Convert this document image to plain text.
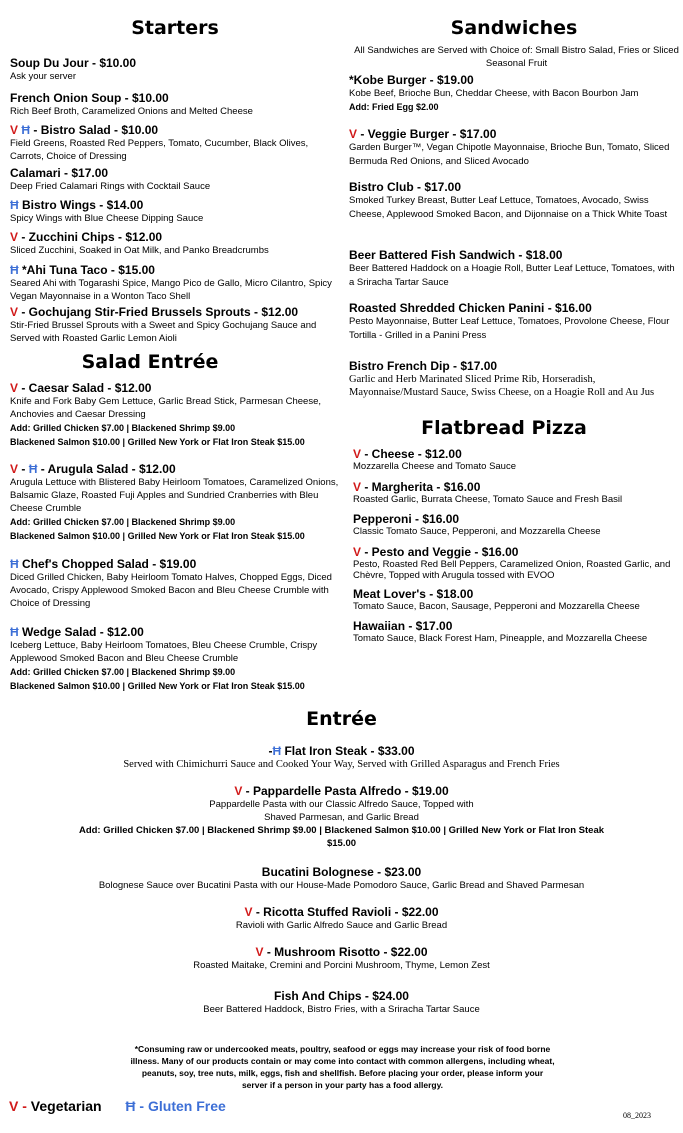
Starters
Soup Du Jour - $10.00
Ask your server
French Onion Soup - $10.00
Rich Beef Broth, Caramelized Onions and Melted Cheese
V Ħ - Bistro Salad - $10.00
Field Greens, Roasted Red Peppers, Tomato, Cucumber, Black Olives, Carrots, Choice of Dressing
Calamari - $17.00
Deep Fried Calamari Rings with Cocktail Sauce
Ħ Bistro Wings - $14.00
Spicy Wings with Blue Cheese Dipping Sauce
V - Zucchini Chips - $12.00
Sliced Zucchini, Soaked in Oat Milk, and Panko Breadcrumbs
Ħ *Ahi Tuna Taco - $15.00
Seared Ahi with Togarashi Spice, Mango Pico de Gallo, Micro Cilantro, Spicy Vegan Mayonnaise in a Wonton Taco Shell
V - Gochujang Stir-Fried Brussels Sprouts - $12.00
Stir-Fried Brussel Sprouts with a Sweet and Spicy Gochujang Sauce and Served with Roasted Garlic Lemon Aioli
Salad Entrée
V - Caesar Salad - $12.00
Knife and Fork Baby Gem Lettuce, Garlic Bread Stick, Parmesan Cheese, Anchovies and Caesar Dressing
Add: Grilled Chicken $7.00 | Blackened Shrimp $9.00
Blackened Salmon $10.00 | Grilled New York or Flat Iron Steak $15.00
V - Ħ - Arugula Salad - $12.00
Arugula Lettuce with Blistered Baby Heirloom Tomatoes, Caramelized Onions, Balsamic Glaze, Roasted Fuji Apples and Sundried Cranberries with Bleu Cheese Crumble
Add: Grilled Chicken $7.00 | Blackened Shrimp $9.00
Blackened Salmon $10.00 | Grilled New York or Flat Iron Steak $15.00
Ħ Chef's Chopped Salad - $19.00
Diced Grilled Chicken, Baby Heirloom Tomato Halves, Chopped Eggs, Diced Avocado, Crispy Applewood Smoked Bacon and Bleu Cheese Crumble with Choice of Dressing
Ħ Wedge Salad - $12.00
Iceberg Lettuce, Baby Heirloom Tomatoes, Bleu Cheese Crumble, Crispy Applewood Smoked Bacon and Bleu Cheese Crumble
Add: Grilled Chicken $7.00 | Blackened Shrimp $9.00
Blackened Salmon $10.00 | Grilled New York or Flat Iron Steak $15.00
Sandwiches
All Sandwiches are Served with Choice of: Small Bistro Salad, Fries or Sliced Seasonal Fruit
*Kobe Burger - $19.00
Kobe Beef, Brioche Bun, Cheddar Cheese, with Bacon Bourbon Jam
Add: Fried Egg $2.00
V - Veggie Burger - $17.00
Garden Burger™, Vegan Chipotle Mayonnaise, Brioche Bun, Tomato, Sliced Bermuda Red Onions, and Sliced Avocado
Bistro Club - $17.00
Smoked Turkey Breast, Butter Leaf Lettuce, Tomatoes, Avocado, Swiss Cheese, Applewood Smoked Bacon, and Dijonnaise on a Thick White Toast
Beer Battered Fish Sandwich - $18.00
Beer Battered Haddock on a Hoagie Roll, Butter Leaf Lettuce, Tomatoes, with a Sriracha Tartar Sauce
Roasted Shredded Chicken Panini - $16.00
Pesto Mayonnaise, Butter Leaf Lettuce, Tomatoes, Provolone Cheese, Flour Tortilla - Grilled in a Panini Press
Bistro French Dip - $17.00
Garlic and Herb Marinated Sliced Prime Rib, Horseradish, Mayonnaise/Mustard Sauce, Swiss Cheese, on a Hoagie Roll and Au Jus
Flatbread Pizza
V - Cheese - $12.00
Mozzarella Cheese and Tomato Sauce
V - Margherita - $16.00
Roasted Garlic, Burrata Cheese, Tomato Sauce and Fresh Basil
Pepperoni - $16.00
Classic Tomato Sauce, Pepperoni, and Mozzarella Cheese
V - Pesto and Veggie - $16.00
Pesto, Roasted Red Bell Peppers, Caramelized Onion, Roasted Garlic, and Chèvre, Topped with Arugula tossed with EVOO
Meat Lover's - $18.00
Tomato Sauce, Bacon, Sausage, Pepperoni and Mozzarella Cheese
Hawaiian - $17.00
Tomato Sauce, Black Forest Ham, Pineapple, and Mozzarella Cheese
Entrée
-Ħ Flat Iron Steak - $33.00
Served with Chimichurri Sauce and Cooked Your Way, Served with Grilled Asparagus and French Fries
V - Pappardelle Pasta Alfredo - $19.00
Pappardelle Pasta with our Classic Alfredo Sauce, Topped with
Shaved Parmesan, and Garlic Bread
Add: Grilled Chicken $7.00 | Blackened Shrimp $9.00 | Blackened Salmon $10.00 | Grilled New York or Flat Iron Steak $15.00
Bucatini Bolognese - $23.00
Bolognese Sauce over Bucatini Pasta with our House-Made Pomodoro Sauce, Garlic Bread and Shaved Parmesan
V - Ricotta Stuffed Ravioli - $22.00
Ravioli with Garlic Alfredo Sauce and Garlic Bread
V - Mushroom Risotto - $22.00
Roasted Maitake, Cremini and Porcini Mushroom, Thyme, Lemon Zest
Fish And Chips - $24.00
Beer Battered Haddock, Bistro Fries, with a Sriracha Tartar Sauce
*Consuming raw or undercooked meats, poultry, seafood or eggs may increase your risk of food borne illness. Many of our products contain or may come into contact with common allergens, including wheat, peanuts, soy, tree nuts, milk, eggs, fish and shellfish. Before placing your order, please inform your server if a person in your party has a food allergy.
V - Vegetarian Ħ - Gluten Free
08_2023
